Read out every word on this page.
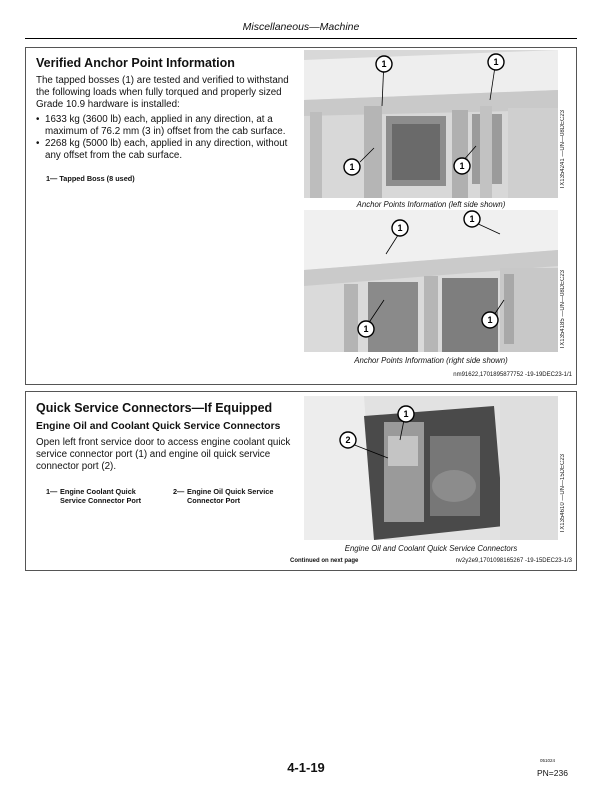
Miscellaneous—Machine
Verified Anchor Point Information
The tapped bosses (1) are tested and verified to withstand the following loads when fully torqued and properly sized Grade 10.9 hardware is installed:
• 1633 kg (3600 lb) each, applied in any direction, at a maximum of 76.2 mm (3 in) offset from the cab surface.
• 2268 kg (5000 lb) each, applied in any direction, without any offset from the cab surface.
1— Tapped Boss (8 used)
1	1
1	1
Anchor Points Information (left side shown)
TX1354241 —UN—08DEC23
1
1
1
1
Anchor Points Information (right side shown)
TX1354185 —UN—08DEC23
nm91622,1701895877752 -19-19DEC23-1/1
Quick Service Connectors—If Equipped
Engine Oil and Coolant Quick Service Connectors
Open left front service door to access engine coolant quick service connector port (1) and engine oil quick service connector port (2).
1— Engine Coolant Quick Service Connector Port
2— Engine Oil Quick Service Connector Port
1
2
Engine Oil and Coolant Quick Service Connectors
TX1354610 —UN—15DEC23
Continued on next page	nv2y2e9,1701098165267 -19-15DEC23-1/3
4-1-19	051024
PN=236
